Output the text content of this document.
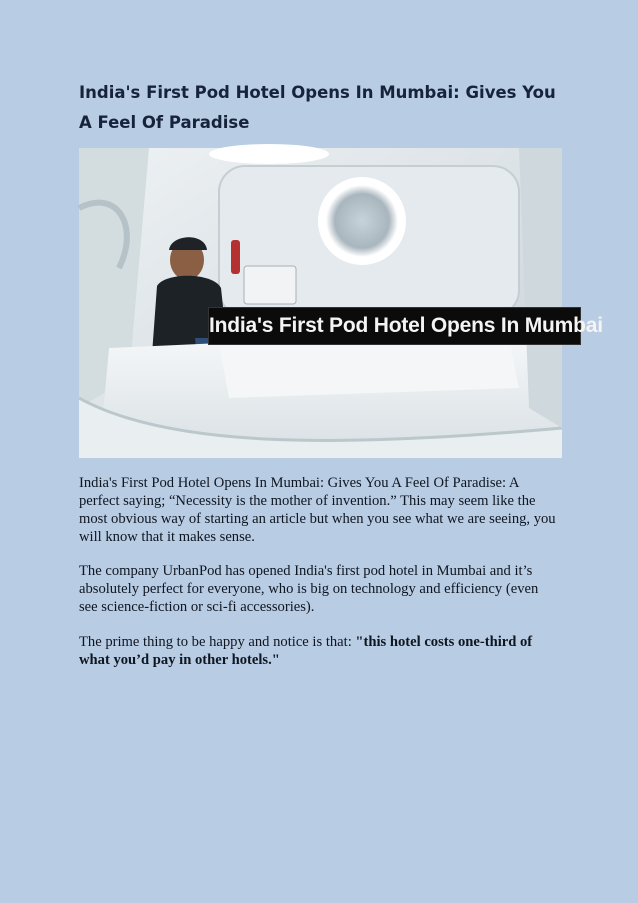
India's First Pod Hotel Opens In Mumbai: Gives You A Feel Of Paradise
India's First Pod Hotel Opens In Mumbai

India's First Pod Hotel Opens In Mumbai: Gives You A Feel Of Paradise: A perfect saying; “Necessity is the mother of invention.” This may seem like the most obvious way of starting an article but when you see what we are seeing, you will know that it makes sense.

The company UrbanPod has opened India's first pod hotel in Mumbai and it’s absolutely perfect for everyone, who is big on technology and efficiency (even see science-fiction or sci-fi accessories).

The prime thing to be happy and notice is that: "this hotel costs one-third of what you’d pay in other hotels."
